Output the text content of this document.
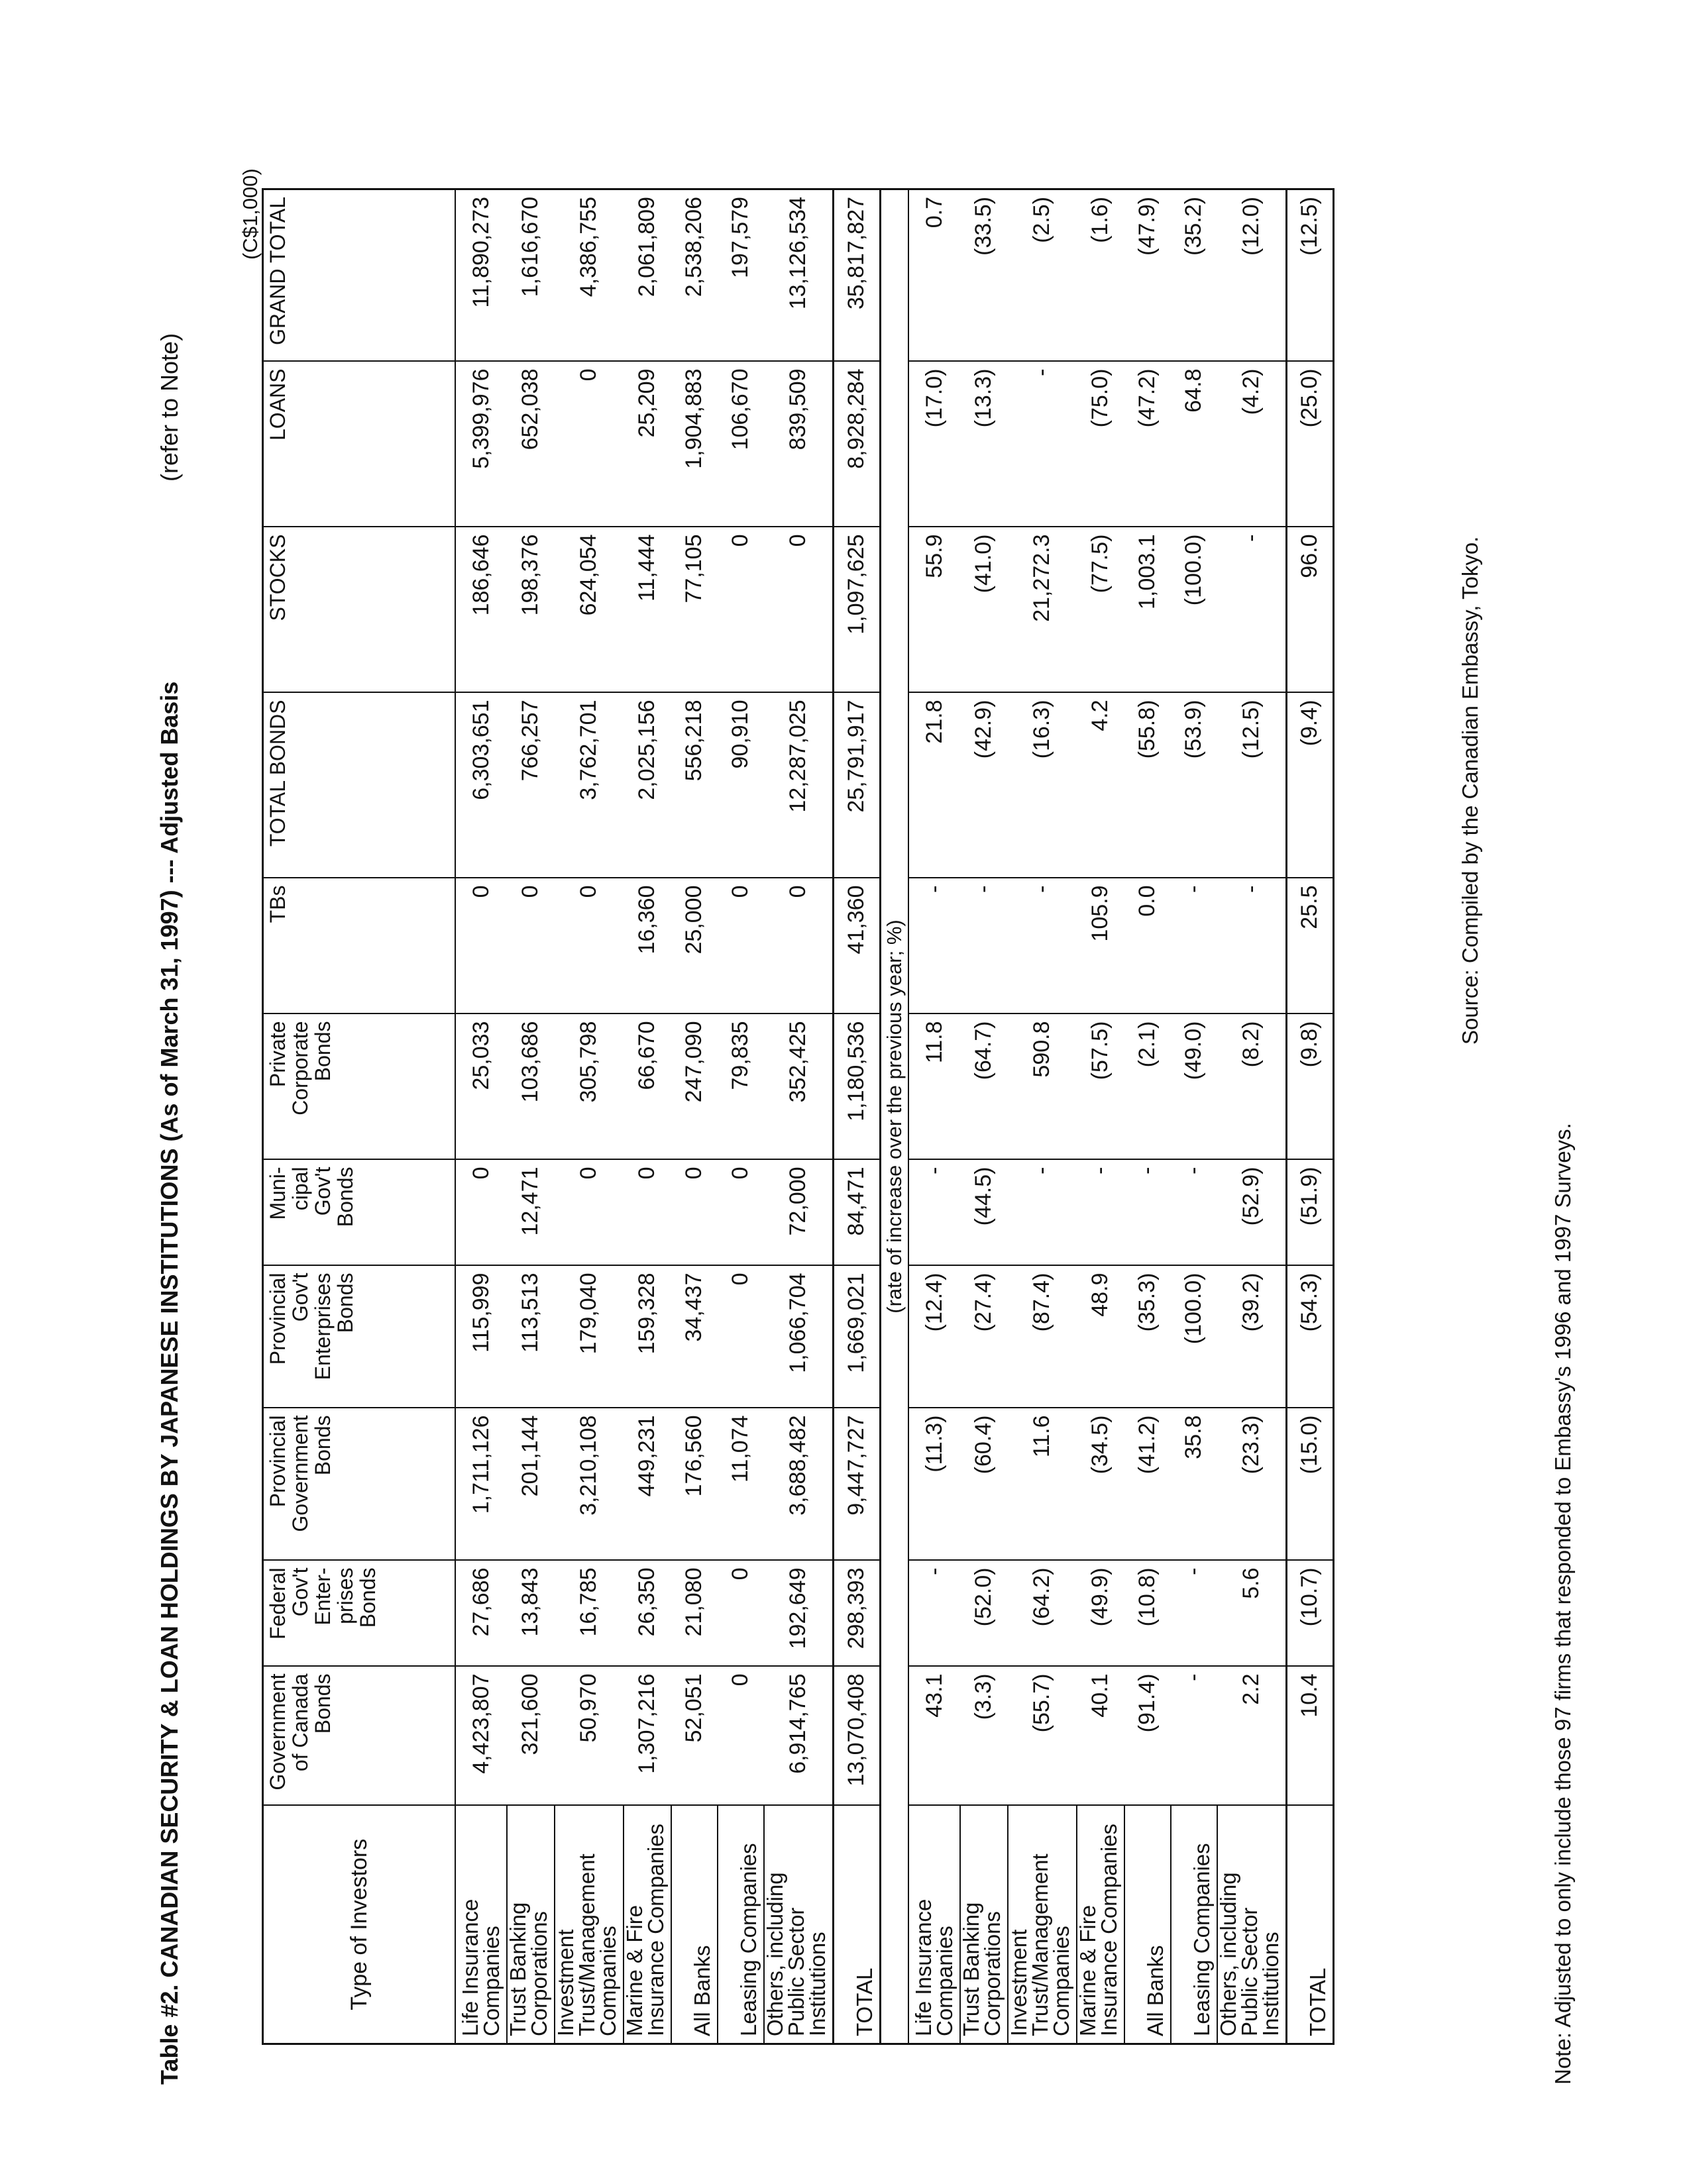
Table #2. CANADIAN SECURITY & LOAN HOLDINGS BY JAPANESE INSTITUTIONS (As of March 31, 1997) --- Adjusted Basis
(refer to Note)
(C$1,000)
Type of Investors	Government of Canada Bonds	Federal Gov't Enter-prises Bonds	Provincial Government Bonds	Provincial Gov't Enterprises Bonds	Muni-cipal Gov't Bonds	Private Corporate Bonds	TBs	TOTAL BONDS	STOCKS	LOANS	GRAND TOTAL
Life Insurance Companies	4,423,807	27,686	1,711,126	115,999	0	25,033	0	6,303,651	186,646	5,399,976	11,890,273
Trust Banking Corporations	321,600	13,843	201,144	113,513	12,471	103,686	0	766,257	198,376	652,038	1,616,670
Investment Trust/Management Companies	50,970	16,785	3,210,108	179,040	0	305,798	0	3,762,701	624,054	0	4,386,755
Marine & Fire Insurance Companies	1,307,216	26,350	449,231	159,328	0	66,670	16,360	2,025,156	11,444	25,209	2,061,809
All Banks	52,051	21,080	176,560	34,437	0	247,090	25,000	556,218	77,105	1,904,883	2,538,206
Leasing Companies	0	0	11,074	0	0	79,835	0	90,910	0	106,670	197,579
Others, including Public Sector Institutions	6,914,765	192,649	3,688,482	1,066,704	72,000	352,425	0	12,287,025	0	839,509	13,126,534
TOTAL	13,070,408	298,393	9,447,727	1,669,021	84,471	1,180,536	41,360	25,791,917	1,097,625	8,928,284	35,817,827
(rate of increase over the previous year; %)											
Life Insurance Companies	43.1	-	(11.3)	(12.4)	-	11.8	-	21.8	55.9	(17.0)	0.7
Trust Banking Corporations	(3.3)	(52.0)	(60.4)	(27.4)	(44.5)	(64.7)	-	(42.9)	(41.0)	(13.3)	(33.5)
Investment Trust/Management Companies	(55.7)	(64.2)	11.6	(87.4)	-	590.8	-	(16.3)	21,272.3	-	(2.5)
Marine & Fire Insurance Companies	40.1	(49.9)	(34.5)	48.9	-	(57.5)	105.9	4.2	(77.5)	(75.0)	(1.6)
All Banks	(91.4)	(10.8)	(41.2)	(35.3)	-	(2.1)	0.0	(55.8)	1,003.1	(47.2)	(47.9)
Leasing Companies	-	-	35.8	(100.0)	-	(49.0)	-	(53.9)	(100.0)	64.8	(35.2)
Others, including Public Sector Institutions	2.2	5.6	(23.3)	(39.2)	(52.9)	(8.2)	-	(12.5)	-	(4.2)	(12.0)
TOTAL	10.4	(10.7)	(15.0)	(54.3)	(51.9)	(9.8)	25.5	(9.4)	96.0	(25.0)	(12.5)
Source: Compiled by the Canadian Embassy, Tokyo.
Note: Adjusted to only include those 97 firms that responded to Embassy's 1996 and 1997 Surveys.
